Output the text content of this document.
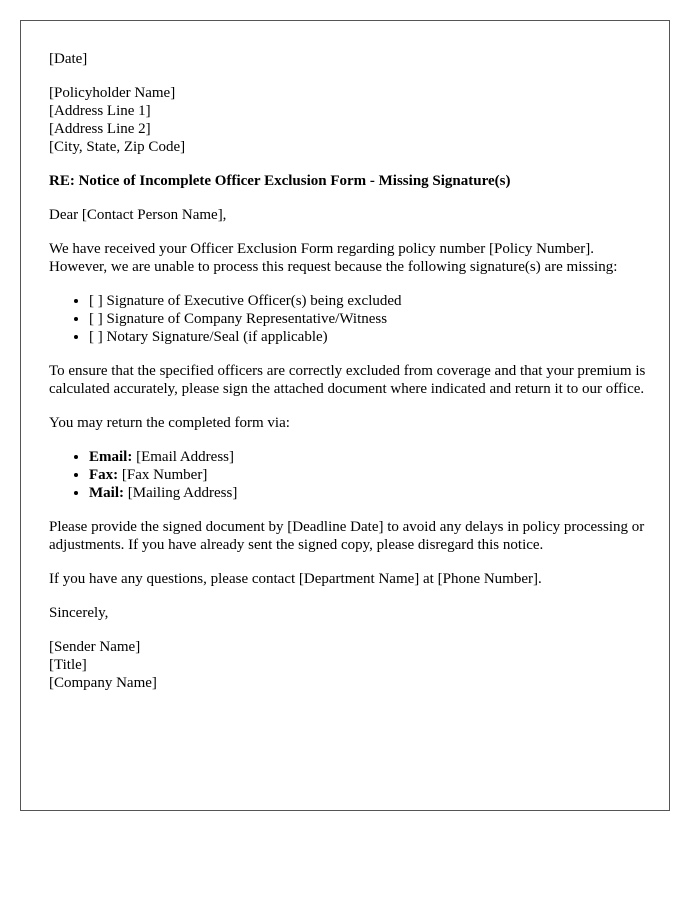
[Date]

[Policyholder Name]
[Address Line 1]
[Address Line 2]
[City, State, Zip Code]

RE: Notice of Incomplete Officer Exclusion Form - Missing Signature(s)

Dear [Contact Person Name],

We have received your Officer Exclusion Form regarding policy number [Policy Number]. However, we are unable to process this request because the following signature(s) are missing:

• [ ] Signature of Executive Officer(s) being excluded
• [ ] Signature of Company Representative/Witness
• [ ] Notary Signature/Seal (if applicable)

To ensure that the specified officers are correctly excluded from coverage and that your premium is calculated accurately, please sign the attached document where indicated and return it to our office.

You may return the completed form via:

• Email: [Email Address]
• Fax: [Fax Number]
• Mail: [Mailing Address]

Please provide the signed document by [Deadline Date] to avoid any delays in policy processing or adjustments. If you have already sent the signed copy, please disregard this notice.

If you have any questions, please contact [Department Name] at [Phone Number].

Sincerely,

[Sender Name]
[Title]
[Company Name]
